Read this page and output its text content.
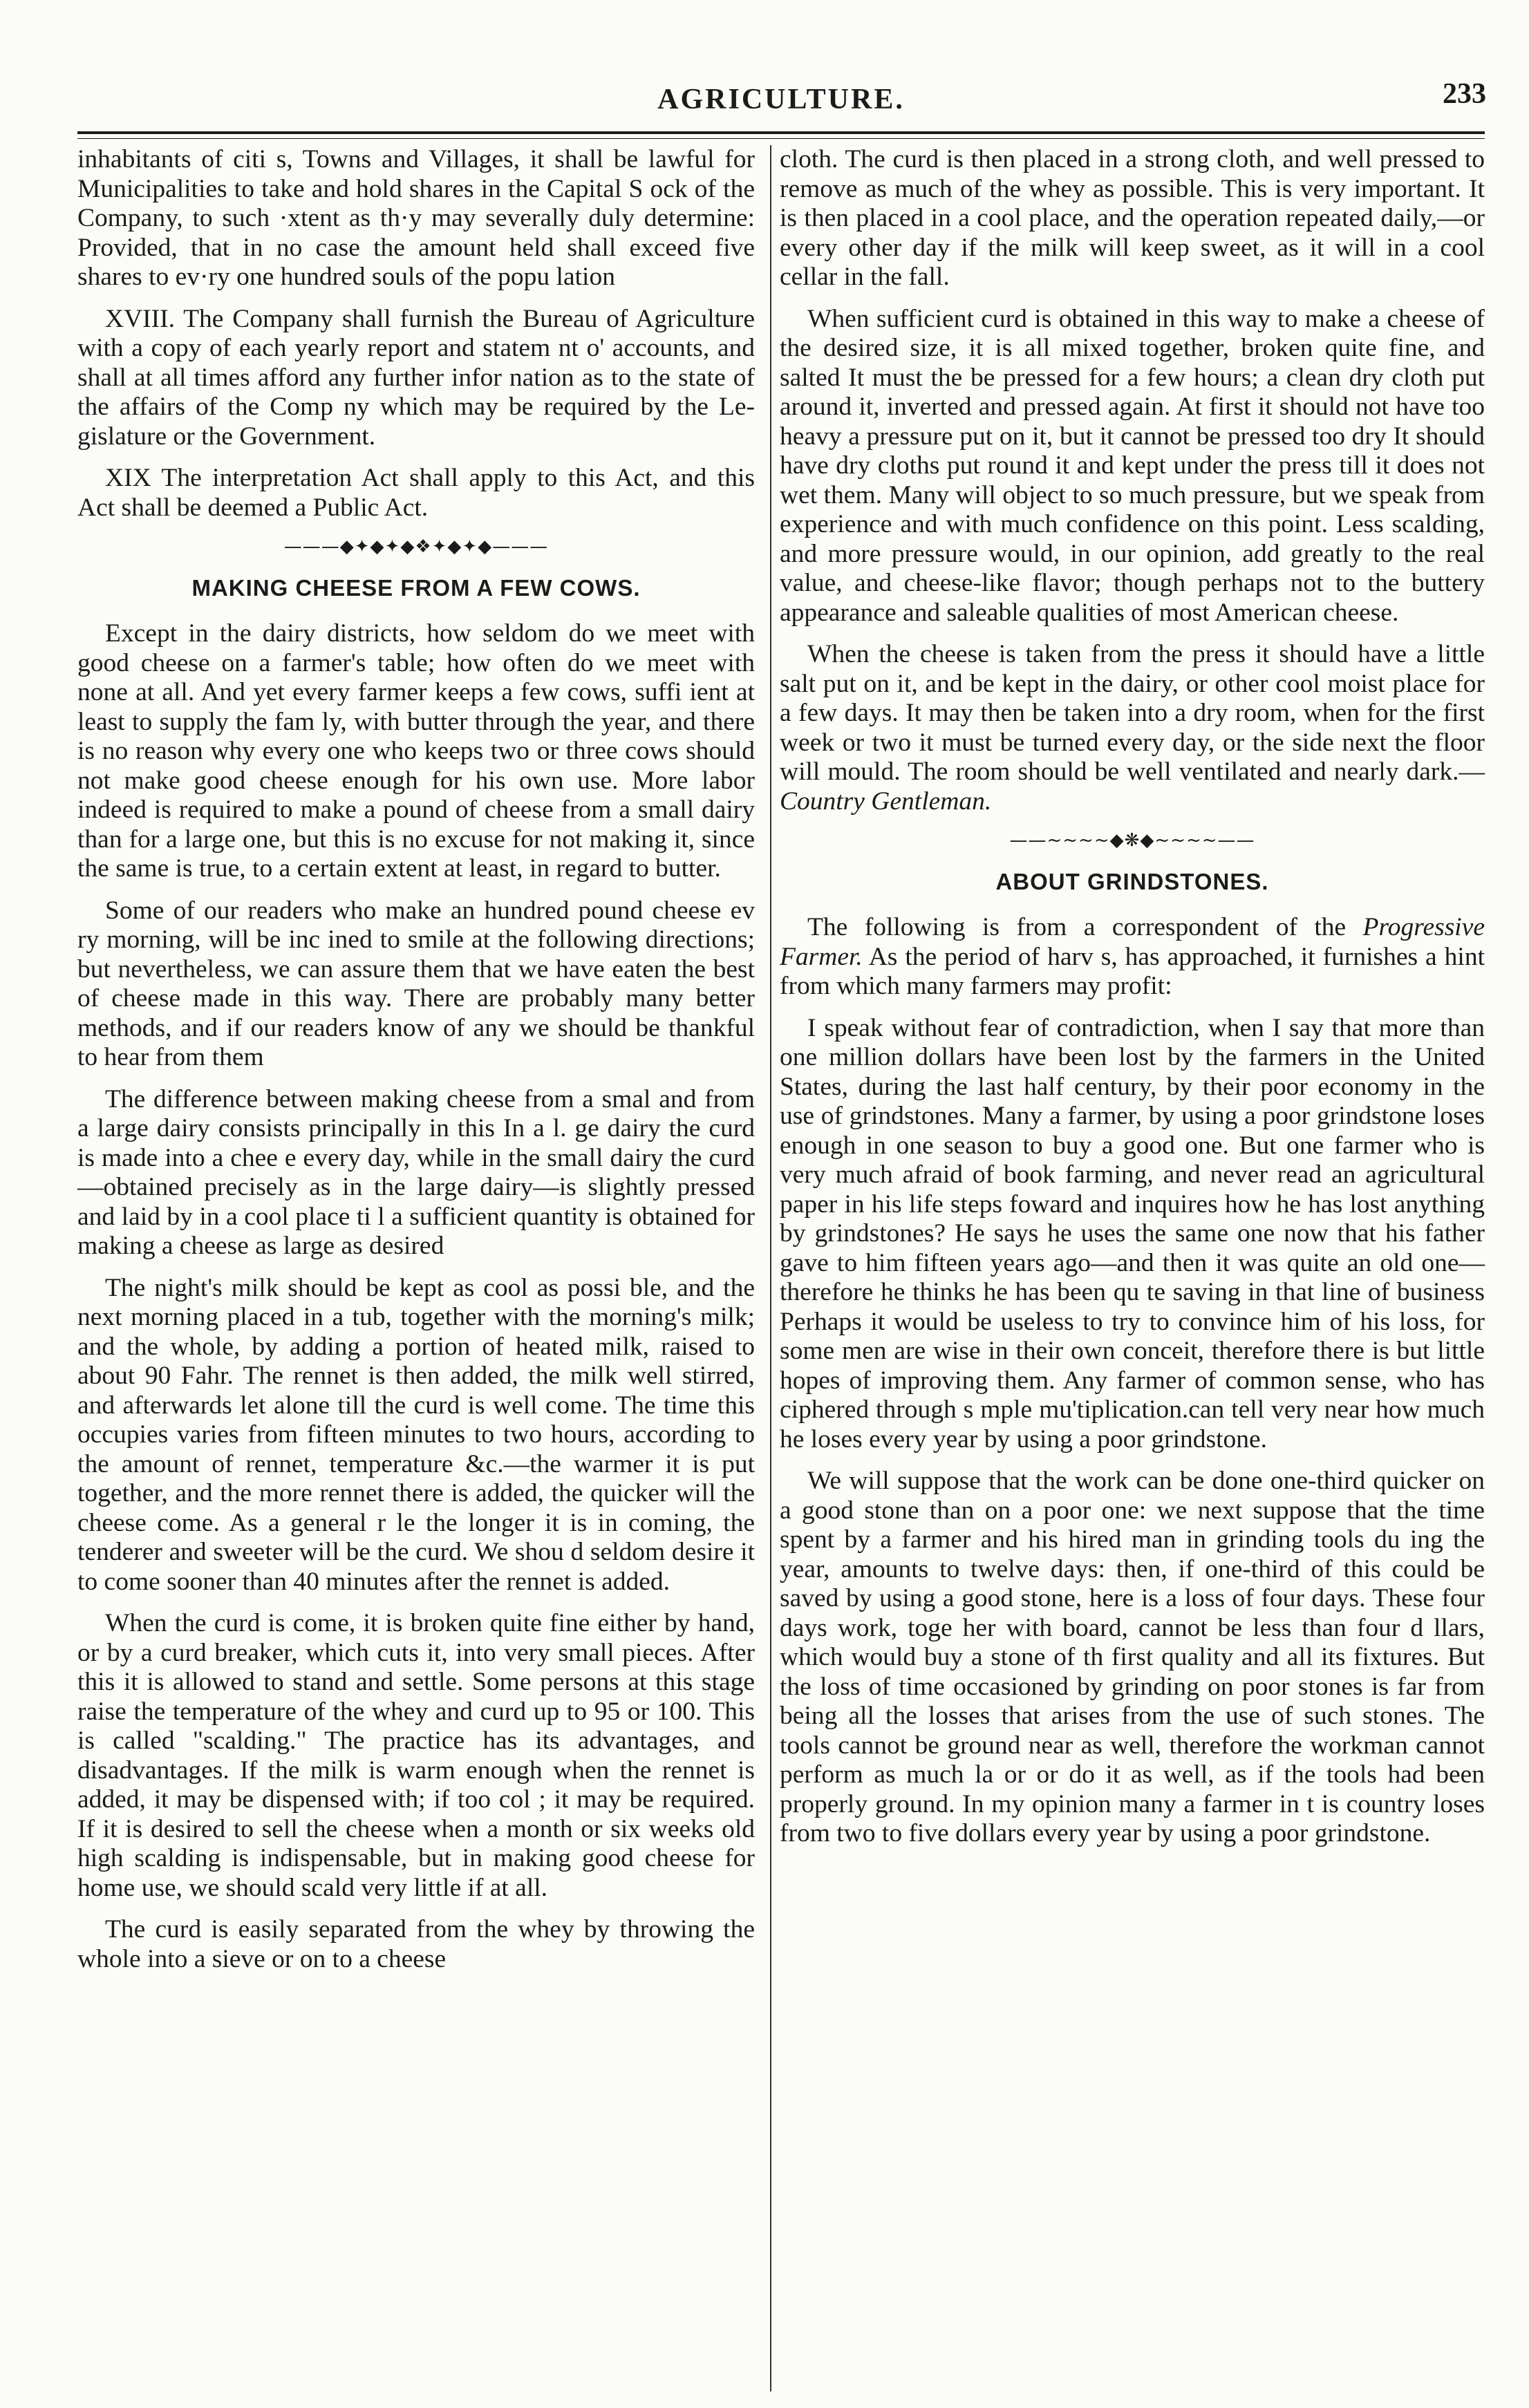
AGRICULTURE.	233

inhabitants of citi s, Towns and Villages, it shall be lawful for Municipalities to take and hold shares in the Capital S ock of the Company, to such ·xtent as th·y may severally duly determine: Provided, that in no case the amount held shall exceed five shares to ev·ry one hundred souls of the popu lation

XVIII. The Company shall furnish the Bureau of Agriculture with a copy of each yearly report and statem nt o' accounts, and shall at all times afford any further infor nation as to the state of the affairs of the Comp ny which may be required by the Le- gislature or the Government.

XIX The interpretation Act shall apply to this Act, and this Act shall be deemed a Public Act.

———◆✦◆✦◆❖✦◆✦◆———
MAKING CHEESE FROM A FEW COWS.

Except in the dairy districts, how seldom do we meet with good cheese on a farmer's table; how often do we meet with none at all. And yet every farmer keeps a few cows, suffi ient at least to supply the fam ly, with butter through the year, and there is no reason why every one who keeps two or three cows should not make good cheese enough for his own use. More labor indeed is required to make a pound of cheese from a small dairy than for a large one, but this is no excuse for not making it, since the same is true, to a certain extent at least, in regard to butter.

Some of our readers who make an hundred pound cheese ev ry morning, will be inc ined to smile at the following directions; but nevertheless, we can assure them that we have eaten the best of cheese made in this way. There are probably many better methods, and if our readers know of any we should be thankful to hear from them

The difference between making cheese from a smal and from a large dairy consists principally in this In a l. ge dairy the curd is made into a chee e every day, while in the small dairy the curd—obtained precisely as in the large dairy—is slightly pressed and laid by in a cool place ti l a sufficient quantity is obtained for making a cheese as large as desired

The night's milk should be kept as cool as possi ble, and the next morning placed in a tub, together with the morning's milk; and the whole, by adding a portion of heated milk, raised to about 90 Fahr. The rennet is then added, the milk well stirred, and afterwards let alone till the curd is well come. The time this occupies varies from fifteen minutes to two hours, according to the amount of rennet, temperature &c.—the warmer it is put together, and the more rennet there is added, the quicker will the cheese come. As a general r le the longer it is in coming, the tenderer and sweeter will be the curd. We shou d seldom desire it to come sooner than 40 minutes after the rennet is added.

When the curd is come, it is broken quite fine either by hand, or by a curd breaker, which cuts it, into very small pieces. After this it is allowed to stand and settle. Some persons at this stage raise the temperature of the whey and curd up to 95 or 100. This is called "scalding." The practice has its advantages, and disadvantages. If the milk is warm enough when the rennet is added, it may be dispensed with; if too col ; it may be required. If it is desired to sell the cheese when a month or six weeks old high scalding is indispensable, but in making good cheese for home use, we should scald very little if at all.

The curd is easily separated from the whey by throwing the whole into a sieve or on to a cheese

cloth. The curd is then placed in a strong cloth, and well pressed to remove as much of the whey as possible. This is very important. It is then placed in a cool place, and the operation repeated daily,—or every other day if the milk will keep sweet, as it will in a cool cellar in the fall.

When sufficient curd is obtained in this way to make a cheese of the desired size, it is all mixed together, broken quite fine, and salted It must the be pressed for a few hours; a clean dry cloth put around it, inverted and pressed again. At first it should not have too heavy a pressure put on it, but it cannot be pressed too dry It should have dry cloths put round it and kept under the press till it does not wet them. Many will object to so much pressure, but we speak from experience and with much confidence on this point. Less scalding, and more pressure would, in our opinion, add greatly to the real value, and cheese-like flavor; though perhaps not to the buttery appearance and saleable qualities of most American cheese.

When the cheese is taken from the press it should have a little salt put on it, and be kept in the dairy, or other cool moist place for a few days. It may then be taken into a dry room, when for the first week or two it must be turned every day, or the side next the floor will mould. The room should be well ventilated and nearly dark.—Country Gentleman.

——~~~~◆❋◆~~~~——
ABOUT GRINDSTONES.

The following is from a correspondent of the Progressive Farmer. As the period of harv s, has approached, it furnishes a hint from which many farmers may profit:

I speak without fear of contradiction, when I say that more than one million dollars have been lost by the farmers in the United States, during the last half century, by their poor economy in the use of grindstones. Many a farmer, by using a poor grindstone loses enough in one season to buy a good one. But one farmer who is very much afraid of book farming, and never read an agricultural paper in his life steps foward and inquires how he has lost anything by grindstones? He says he uses the same one now that his father gave to him fifteen years ago—and then it was quite an old one—therefore he thinks he has been qu te saving in that line of business Perhaps it would be useless to try to convince him of his loss, for some men are wise in their own conceit, therefore there is but little hopes of improving them. Any farmer of common sense, who has ciphered through s mple mu'tiplication.can tell very near how much he loses every year by using a poor grindstone.

We will suppose that the work can be done one-third quicker on a good stone than on a poor one: we next suppose that the time spent by a farmer and his hired man in grinding tools du ing the year, amounts to twelve days: then, if one-third of this could be saved by using a good stone, here is a loss of four days. These four days work, toge her with board, cannot be less than four d llars, which would buy a stone of th first quality and all its fixtures. But the loss of time occasioned by grinding on poor stones is far from being all the losses that arises from the use of such stones. The tools cannot be ground near as well, therefore the workman cannot perform as much la or or do it as well, as if the tools had been properly ground. In my opinion many a farmer in t is country loses from two to five dollars every year by using a poor grindstone.
